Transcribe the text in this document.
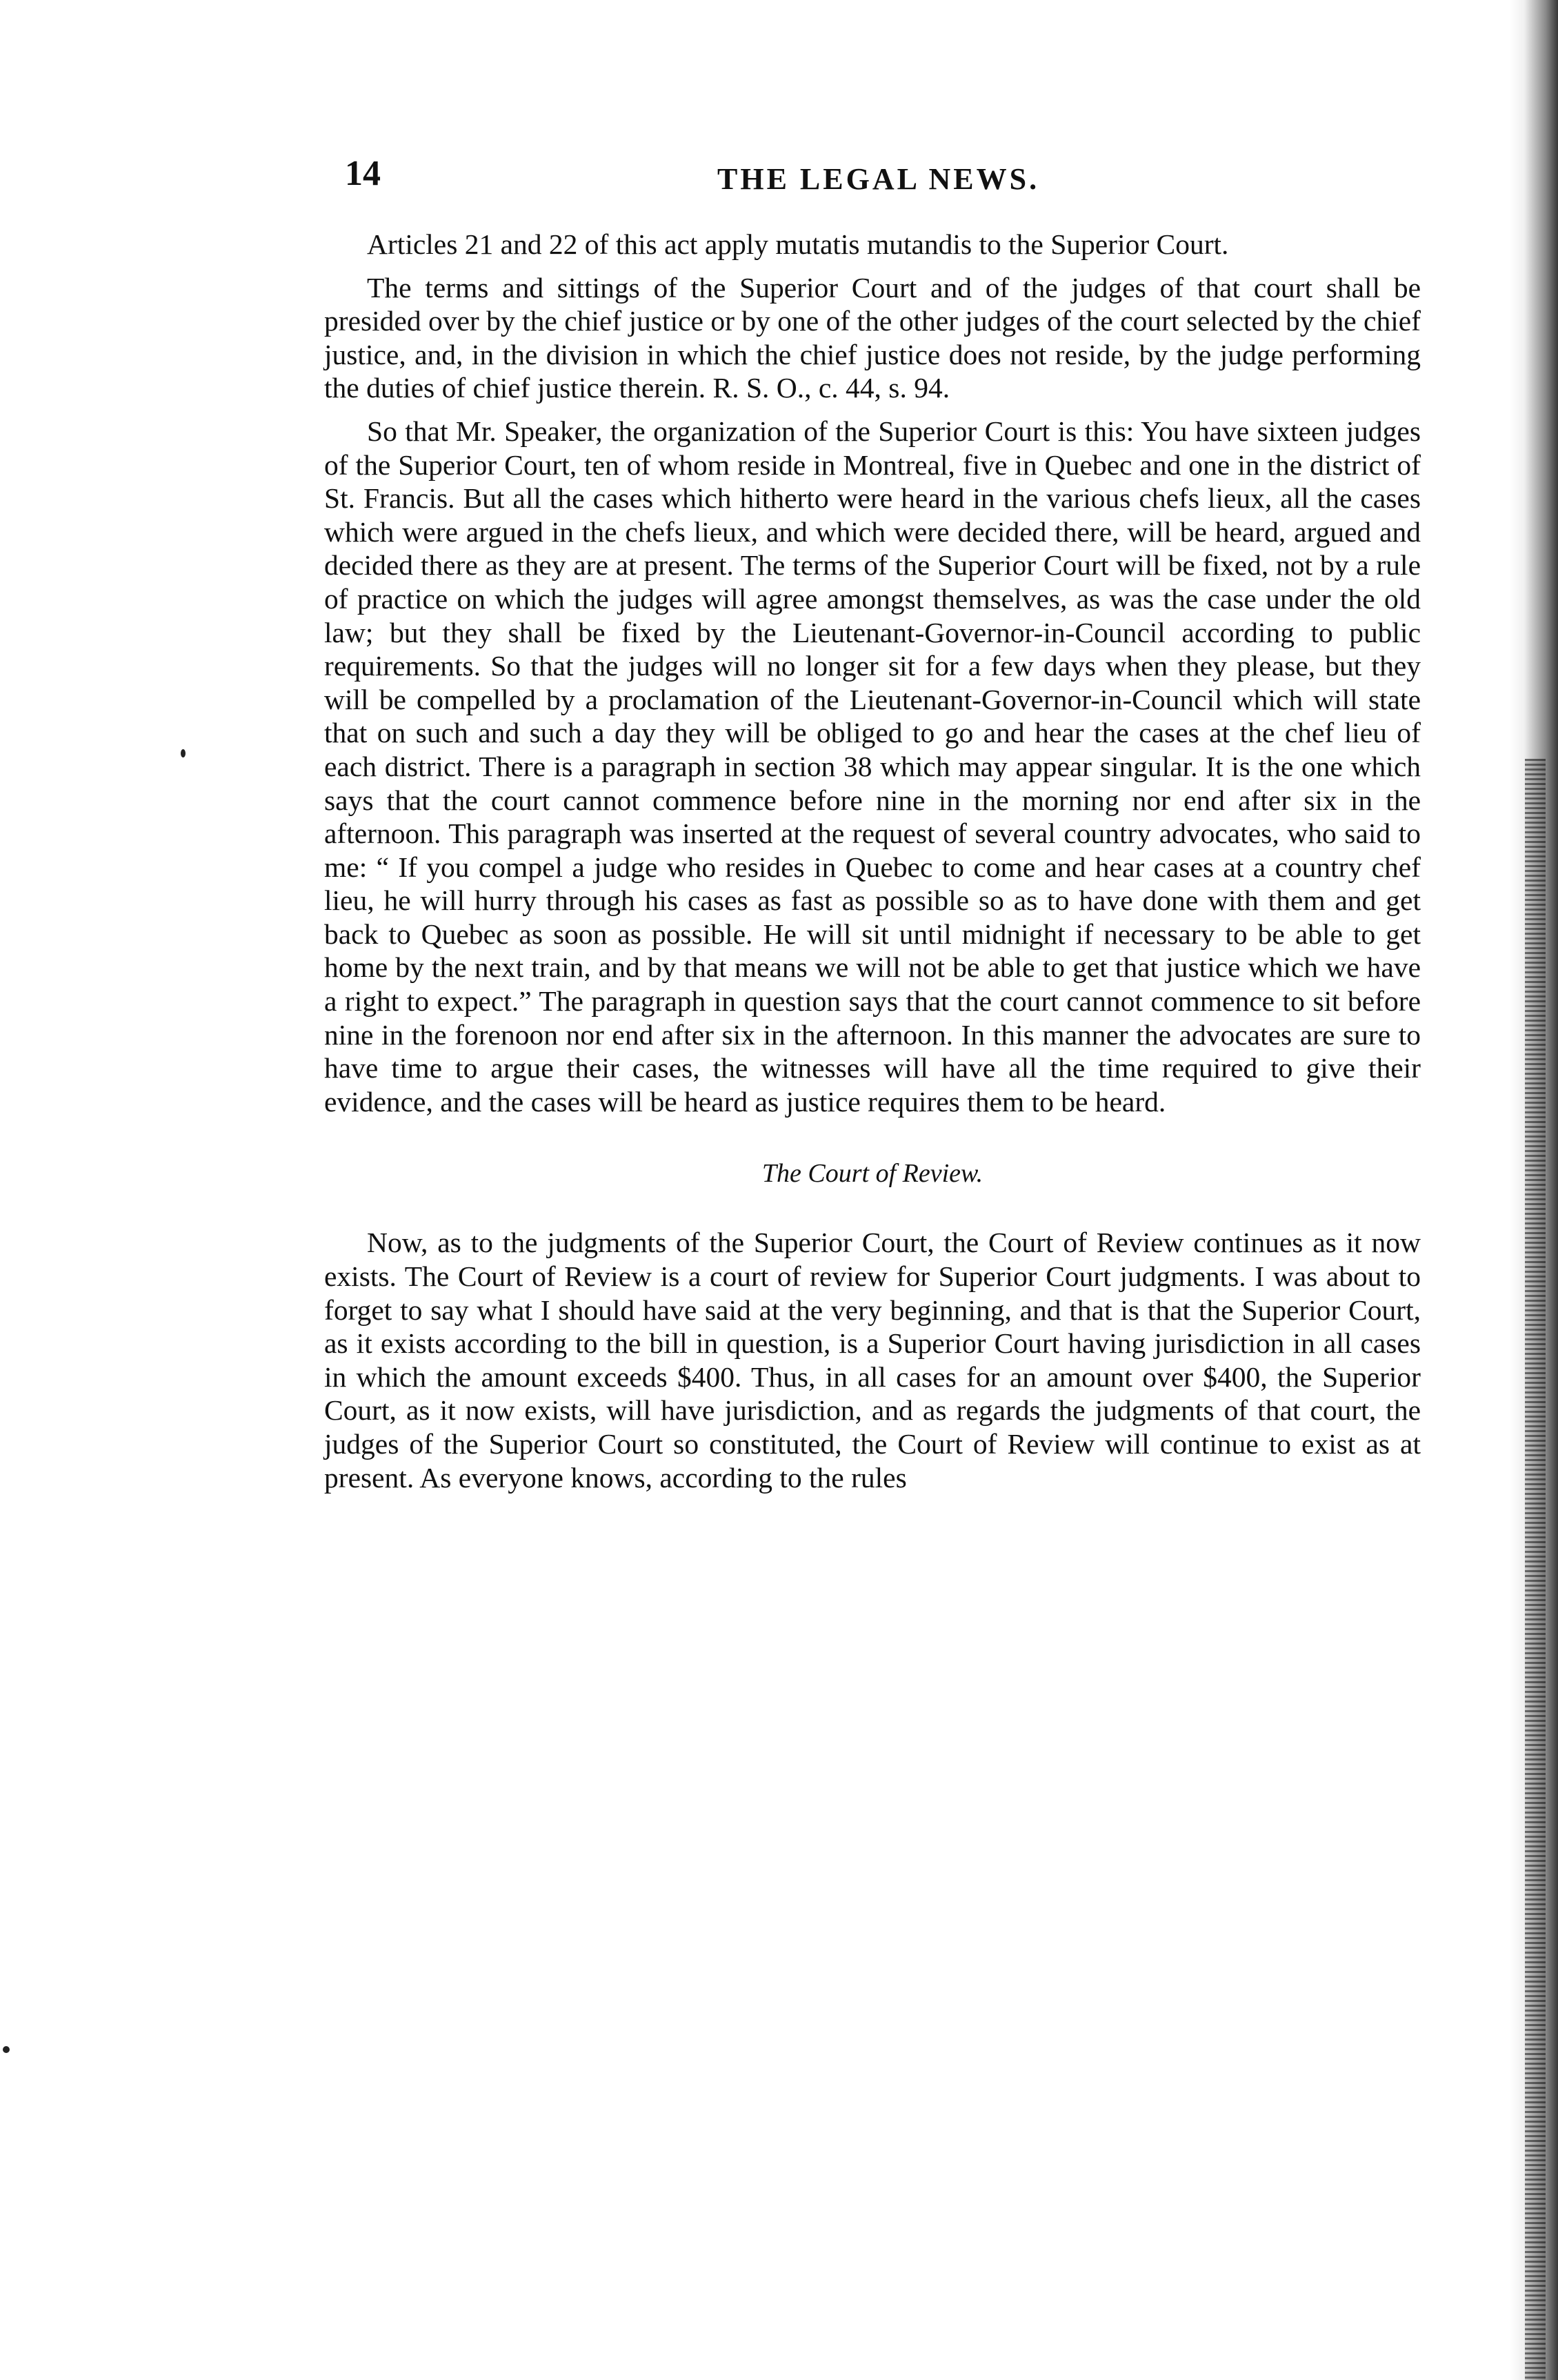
14	THE LEGAL NEWS.

Articles 21 and 22 of this act apply mutatis mutandis to the Superior Court.

The terms and sittings of the Superior Court and of the judges of that court shall be presided over by the chief justice or by one of the other judges of the court selected by the chief justice, and, in the division in which the chief justice does not reside, by the judge performing the duties of chief justice therein. R. S. O., c. 44, s. 94.

So that Mr. Speaker, the organization of the Superior Court is this: You have sixteen judges of the Superior Court, ten of whom reside in Montreal, five in Quebec and one in the district of St. Francis. But all the cases which hitherto were heard in the various chefs lieux, all the cases which were argued in the chefs lieux, and which were decided there, will be heard, argued and decided there as they are at present. The terms of the Superior Court will be fixed, not by a rule of practice on which the judges will agree amongst themselves, as was the case under the old law; but they shall be fixed by the Lieutenant-Governor-in-Council according to public requirements. So that the judges will no longer sit for a few days when they please, but they will be compelled by a proclamation of the Lieutenant-Governor-in-Council which will state that on such and such a day they will be obliged to go and hear the cases at the chef lieu of each district. There is a paragraph in section 38 which may appear singular. It is the one which says that the court cannot commence before nine in the morning nor end after six in the afternoon. This paragraph was inserted at the request of several country advocates, who said to me: “ If you compel a judge who resides in Quebec to come and hear cases at a country chef lieu, he will hurry through his cases as fast as possible so as to have done with them and get back to Quebec as soon as possible. He will sit until midnight if necessary to be able to get home by the next train, and by that means we will not be able to get that justice which we have a right to expect.” The paragraph in question says that the court cannot commence to sit before nine in the forenoon nor end after six in the afternoon. In this manner the advocates are sure to have time to argue their cases, the witnesses will have all the time required to give their evidence, and the cases will be heard as justice requires them to be heard.

The Court of Review.

Now, as to the judgments of the Superior Court, the Court of Review continues as it now exists. The Court of Review is a court of review for Superior Court judgments. I was about to forget to say what I should have said at the very beginning, and that is that the Superior Court, as it exists according to the bill in question, is a Superior Court having jurisdiction in all cases in which the amount exceeds $400. Thus, in all cases for an amount over $400, the Superior Court, as it now exists, will have jurisdiction, and as regards the judgments of that court, the judges of the Superior Court so constituted, the Court of Review will continue to exist as at present. As everyone knows, according to the rules
